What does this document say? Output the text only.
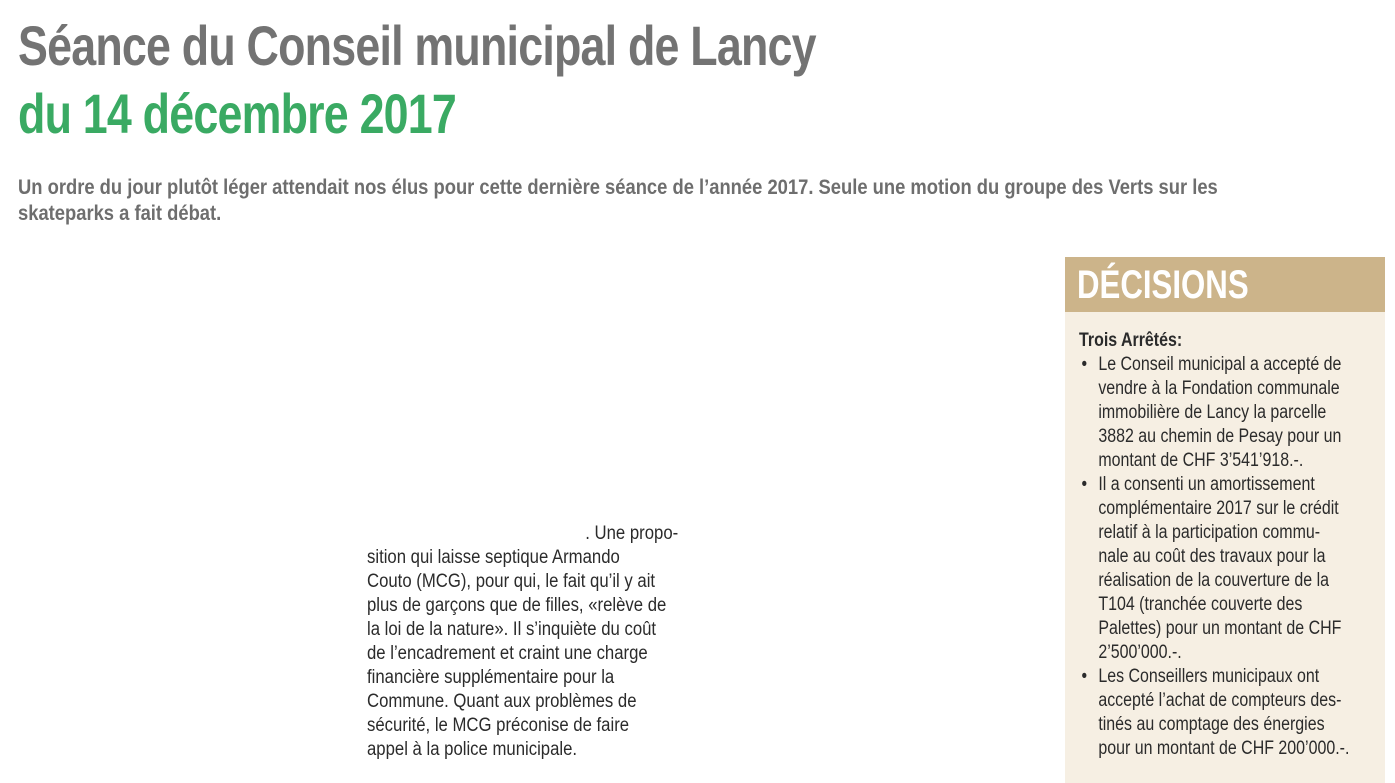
Séance du Conseil municipal de Lancy
du 14 décembre 2017
Un ordre du jour plutôt léger attendait nos élus pour cette dernière séance de l’année 2017. Seule une motion du groupe des Verts sur les
skateparks a fait débat.

. Une propo-

sition qui laisse septique Armando

Couto (MCG), pour qui, le fait qu’il y ait

plus de garçons que de filles, «relève de

la loi de la nature». Il s’inquiète du coût

de l’encadrement et craint une charge

financière supplémentaire pour la

Commune. Quant aux problèmes de

sécurité, le MCG préconise de faire

appel à la police municipale.

DÉCISIONS

Trois Arrêtés:

• Le Conseil municipal a accepté de
vendre à la Fondation communale
immobilière de Lancy la parcelle
3882 au chemin de Pesay pour un
montant de CHF 3’541’918.-.
• Il a consenti un amortissement
complémentaire 2017 sur le crédit
relatif à la participation commu-
nale au coût des travaux pour la
réalisation de la couverture de la
T104 (tranchée couverte des
Palettes) pour un montant de CHF
2’500’000.-.
• Les Conseillers municipaux ont
accepté l’achat de compteurs des-
tinés au comptage des énergies
pour un montant de CHF 200’000.-.
